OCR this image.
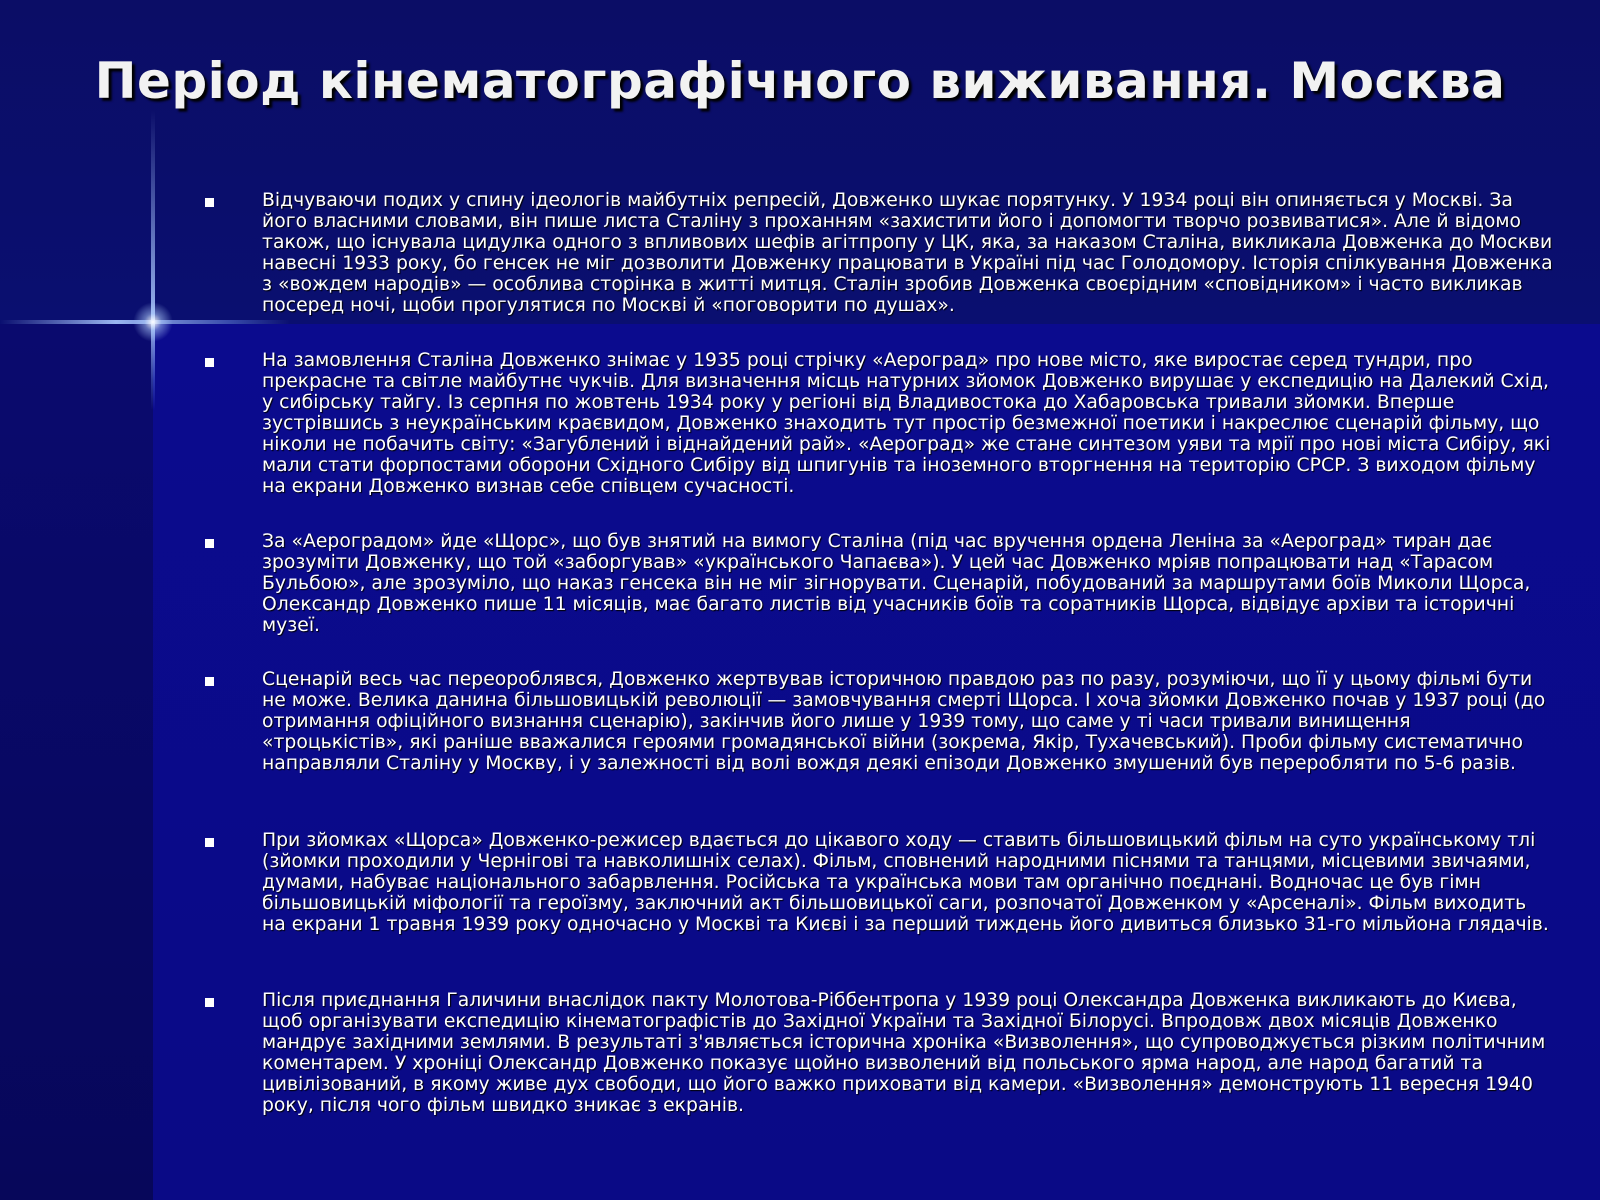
Період кінематографічного виживання. Москва

Відчуваючи подих у спину ідеологів майбутніх репресій, Довженко шукає порятунку. У 1934 році він опиняється у Москві. За його власними словами, він пише листа Сталіну з проханням «захистити його і допомогти творчо розвиватися». Але й відомо також, що існувала цидулка одного з впливових шефів агітпропу у ЦК, яка, за наказом Сталіна, викликала Довженка до Москви навесні 1933 року, бо генсек не міг дозволити Довженку працювати в Україні під час Голодомору. Історія спілкування Довженка з «вождем народів» — особлива сторінка в житті митця. Сталін зробив Довженка своєрідним «сповідником» і часто викликав посеред ночі, щоби прогулятися по Москві й «поговорити по душах».

На замовлення Сталіна Довженко знімає у 1935 році стрічку «Аероград» про нове місто, яке виростає серед тундри, про прекрасне та світле майбутнє чукчів. Для визначення місць натурних зйомок Довженко вирушає у експедицію на Далекий Схід, у сибірську тайгу. Із серпня по жовтень 1934 року у регіоні від Владивостока до Хабаровська тривали зйомки. Вперше зустрівшись з неукраїнським краєвидом, Довженко знаходить тут простір безмежної поетики і накреслює сценарій фільму, що ніколи не побачить світу: «Загублений і віднайдений рай». «Аероград» же стане синтезом уяви та мрії про нові міста Сибіру, які мали стати форпостами оборони Східного Сибіру від шпигунів та іноземного вторгнення на територію СРСР. З виходом фільму на екрани Довженко визнав себе співцем сучасності.

За «Аероградом» йде «Щорс», що був знятий на вимогу Сталіна (під час вручення ордена Леніна за «Аероград» тиран дає зрозуміти Довженку, що той «заборгував» «українського Чапаєва»). У цей час Довженко мріяв попрацювати над «Тарасом Бульбою», але зрозуміло, що наказ генсека він не міг зігнорувати. Сценарій, побудований за маршрутами боїв Миколи Щорса, Олександр Довженко пише 11 місяців, має багато листів від учасників боїв та соратників Щорса, відвідує архіви та історичні музеї.

Сценарій весь час переороблявся, Довженко жертвував історичною правдою раз по разу, розуміючи, що її у цьому фільмі бути не може. Велика данина більшовицькій революції — замовчування смерті Щорса. І хоча зйомки Довженко почав у 1937 році (до отримання офіційного визнання сценарію), закінчив його лише у 1939 тому, що саме у ті часи тривали винищення «троцькістів», які раніше вважалися героями громадянської війни (зокрема, Якір, Тухачевський). Проби фільму систематично направляли Сталіну у Москву, і у залежності від волі вождя деякі епізоди Довженко змушений був переробляти по 5-6 разів.

При зйомках «Щорса» Довженко-режисер вдається до цікавого ходу — ставить більшовицький фільм на суто українському тлі (зйомки проходили у Чернігові та навколишніх селах). Фільм, сповнений народними піснями та танцями, місцевими звичаями, думами, набуває національного забарвлення. Російська та українська мови там органічно поєднані. Водночас це був гімн більшовицькій міфології та героїзму, заключний акт більшовицької саги, розпочатої Довженком у «Арсеналі». Фільм виходить на екрани 1 травня 1939 року одночасно у Москві та Києві і за перший тиждень його дивиться близько 31-го мільйона глядачів.

Після приєднання Галичини внаслідок пакту Молотова-Ріббентропа у 1939 році Олександра Довженка викликають до Києва, щоб організувати експедицію кінематографістів до Західної України та Західної Білорусі. Впродовж двох місяців Довженко мандрує західними землями. В результаті з'являється історична хроніка «Визволення», що супроводжується різким політичним коментарем. У хроніці Олександр Довженко показує щойно визволений від польського ярма народ, але народ багатий та цивілізований, в якому живе дух свободи, що його важко приховати від камери. «Визволення» демонструють 11 вересня 1940 року, після чого фільм швидко зникає з екранів.
